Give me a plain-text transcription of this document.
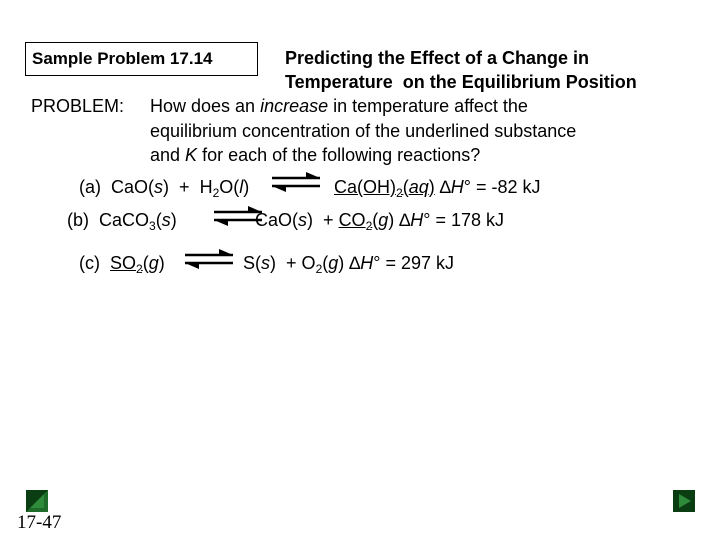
Sample Problem 17.14	Predicting the Effect of a Change in
Temperature  on the Equilibrium Position
PROBLEM: How does an increase in temperature affect the
equilibrium concentration of the underlined substance
and K for each of the following reactions?
(a) $CaO(s) + H_2O(l)$	$Ca(OH)_2(aq) \Delta H^\circ = -82$ kJ
(b) CaCO$_3$(s)	$CaO(s) + CO_2(g) \Delta H^\circ = 178$ kJ
(c) $SO_2(g)$	$S(s) + O_2(g) \Delta H^\circ = 297$ kJ
17-47
